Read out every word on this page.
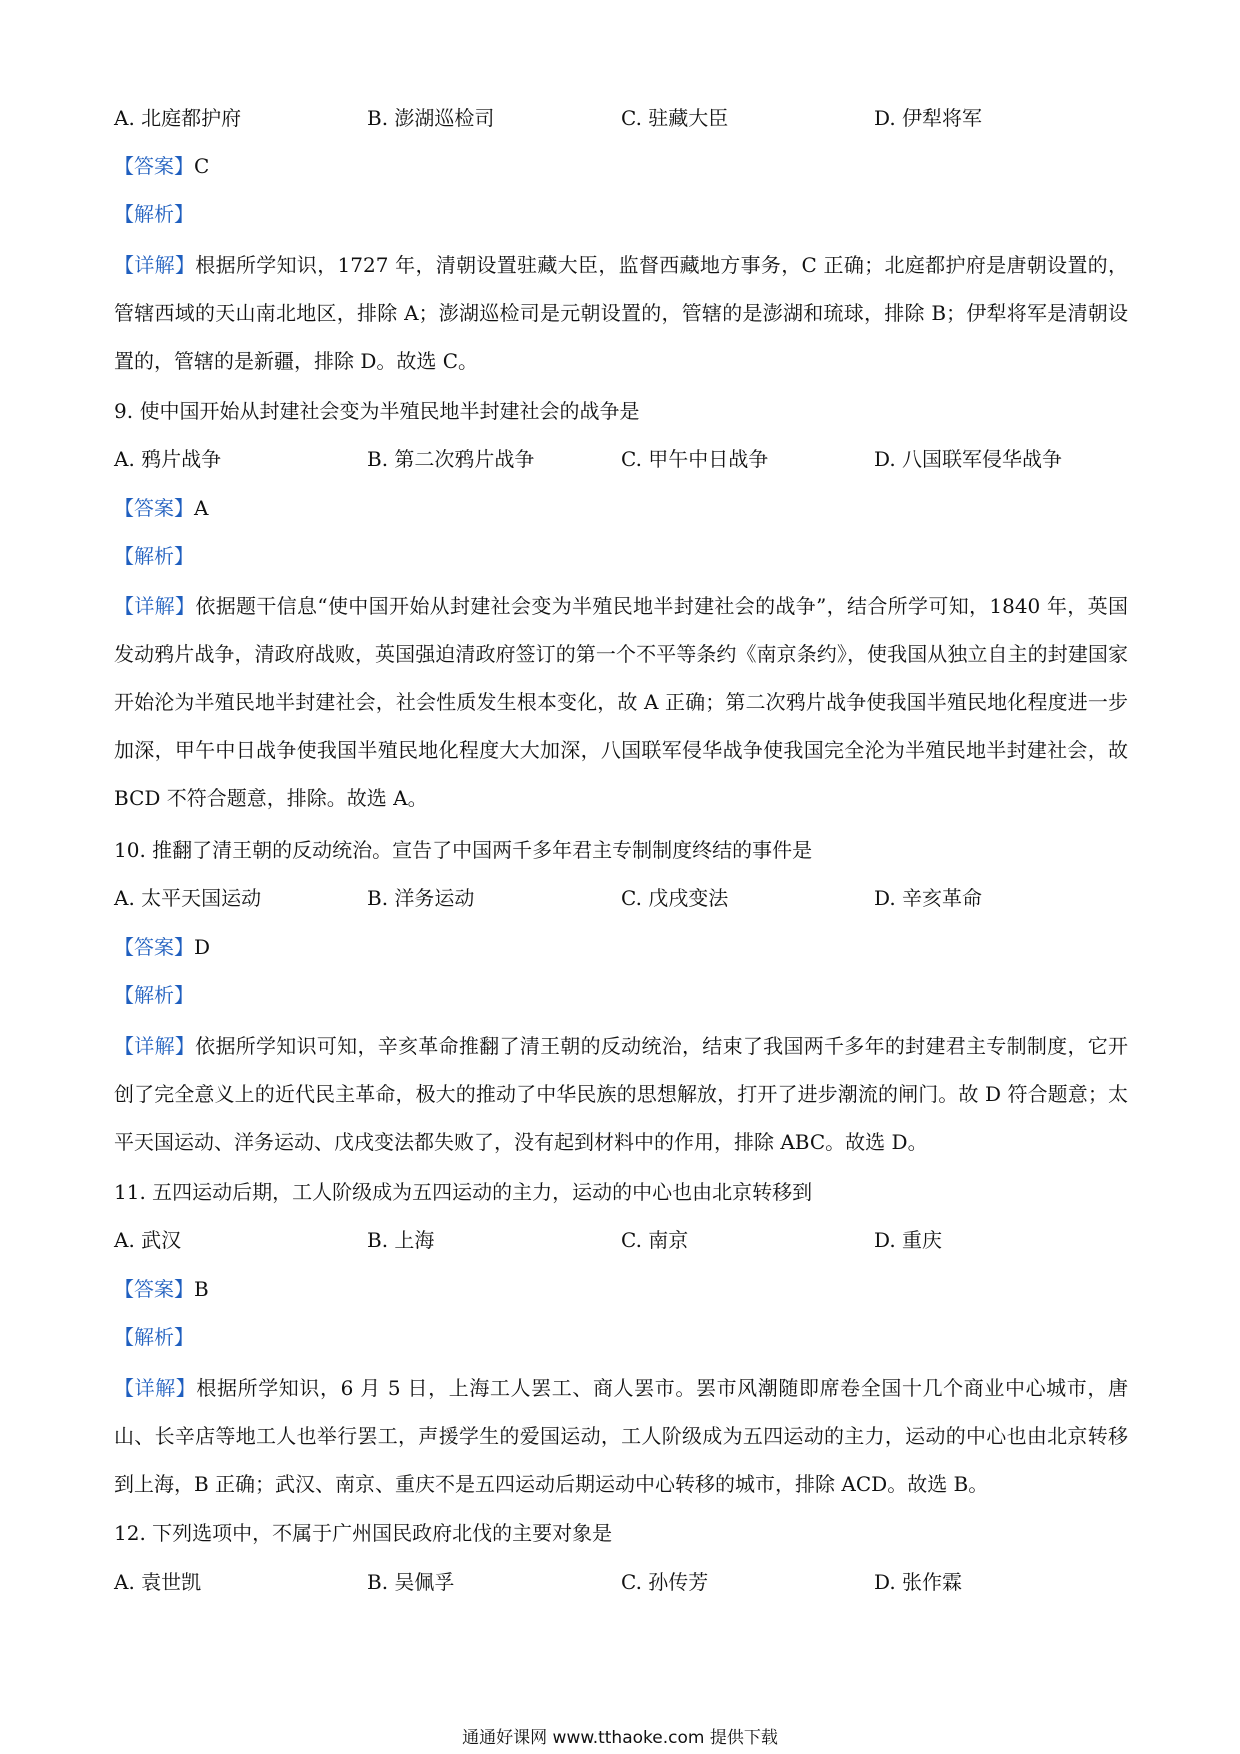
A. 北庭都护府	B. 澎湖巡检司	C. 驻藏大臣	D. 伊犁将军
【答案】C
【解析】
【详解】根据所学知识，1727 年，清朝设置驻藏大臣，监督西藏地方事务，C 正确；北庭都护府是唐朝设置的，管辖西域的天山南北地区，排除 A；澎湖巡检司是元朝设置的，管辖的是澎湖和琉球，排除 B；伊犁将军是清朝设置的，管辖的是新疆，排除 D。故选 C。
9. 使中国开始从封建社会变为半殖民地半封建社会的战争是
A. 鸦片战争	B. 第二次鸦片战争	C. 甲午中日战争	D. 八国联军侵华战争
【答案】A
【解析】
【详解】依据题干信息“使中国开始从封建社会变为半殖民地半封建社会的战争”，结合所学可知，1840 年，英国发动鸦片战争，清政府战败，英国强迫清政府签订的第一个不平等条约《南京条约》，使我国从独立自主的封建国家开始沦为半殖民地半封建社会，社会性质发生根本变化，故 A 正确；第二次鸦片战争使我国半殖民地化程度进一步加深，甲午中日战争使我国半殖民地化程度大大加深，八国联军侵华战争使我国完全沦为半殖民地半封建社会，故 BCD 不符合题意，排除。故选 A。
10. 推翻了清王朝的反动统治。宣告了中国两千多年君主专制制度终结的事件是
A. 太平天国运动	B. 洋务运动	C. 戊戌变法	D. 辛亥革命
【答案】D
【解析】
【详解】依据所学知识可知，辛亥革命推翻了清王朝的反动统治，结束了我国两千多年的封建君主专制制度，它开创了完全意义上的近代民主革命，极大的推动了中华民族的思想解放，打开了进步潮流的闸门。故 D 符合题意；太平天国运动、洋务运动、戊戌变法都失败了，没有起到材料中的作用，排除 ABC。故选 D。
11. 五四运动后期，工人阶级成为五四运动的主力，运动的中心也由北京转移到
A. 武汉	B. 上海	C. 南京	D. 重庆
【答案】B
【解析】
【详解】根据所学知识，6 月 5 日，上海工人罢工、商人罢市。罢市风潮随即席卷全国十几个商业中心城市，唐山、长辛店等地工人也举行罢工，声援学生的爱国运动，工人阶级成为五四运动的主力，运动的中心也由北京转移到上海，B 正确；武汉、南京、重庆不是五四运动后期运动中心转移的城市，排除 ACD。故选 B。
12. 下列选项中，不属于广州国民政府北伐的主要对象是
A. 袁世凯	B. 吴佩孚	C. 孙传芳	D. 张作霖
通通好课网 www.tthaoke.com 提供下载
